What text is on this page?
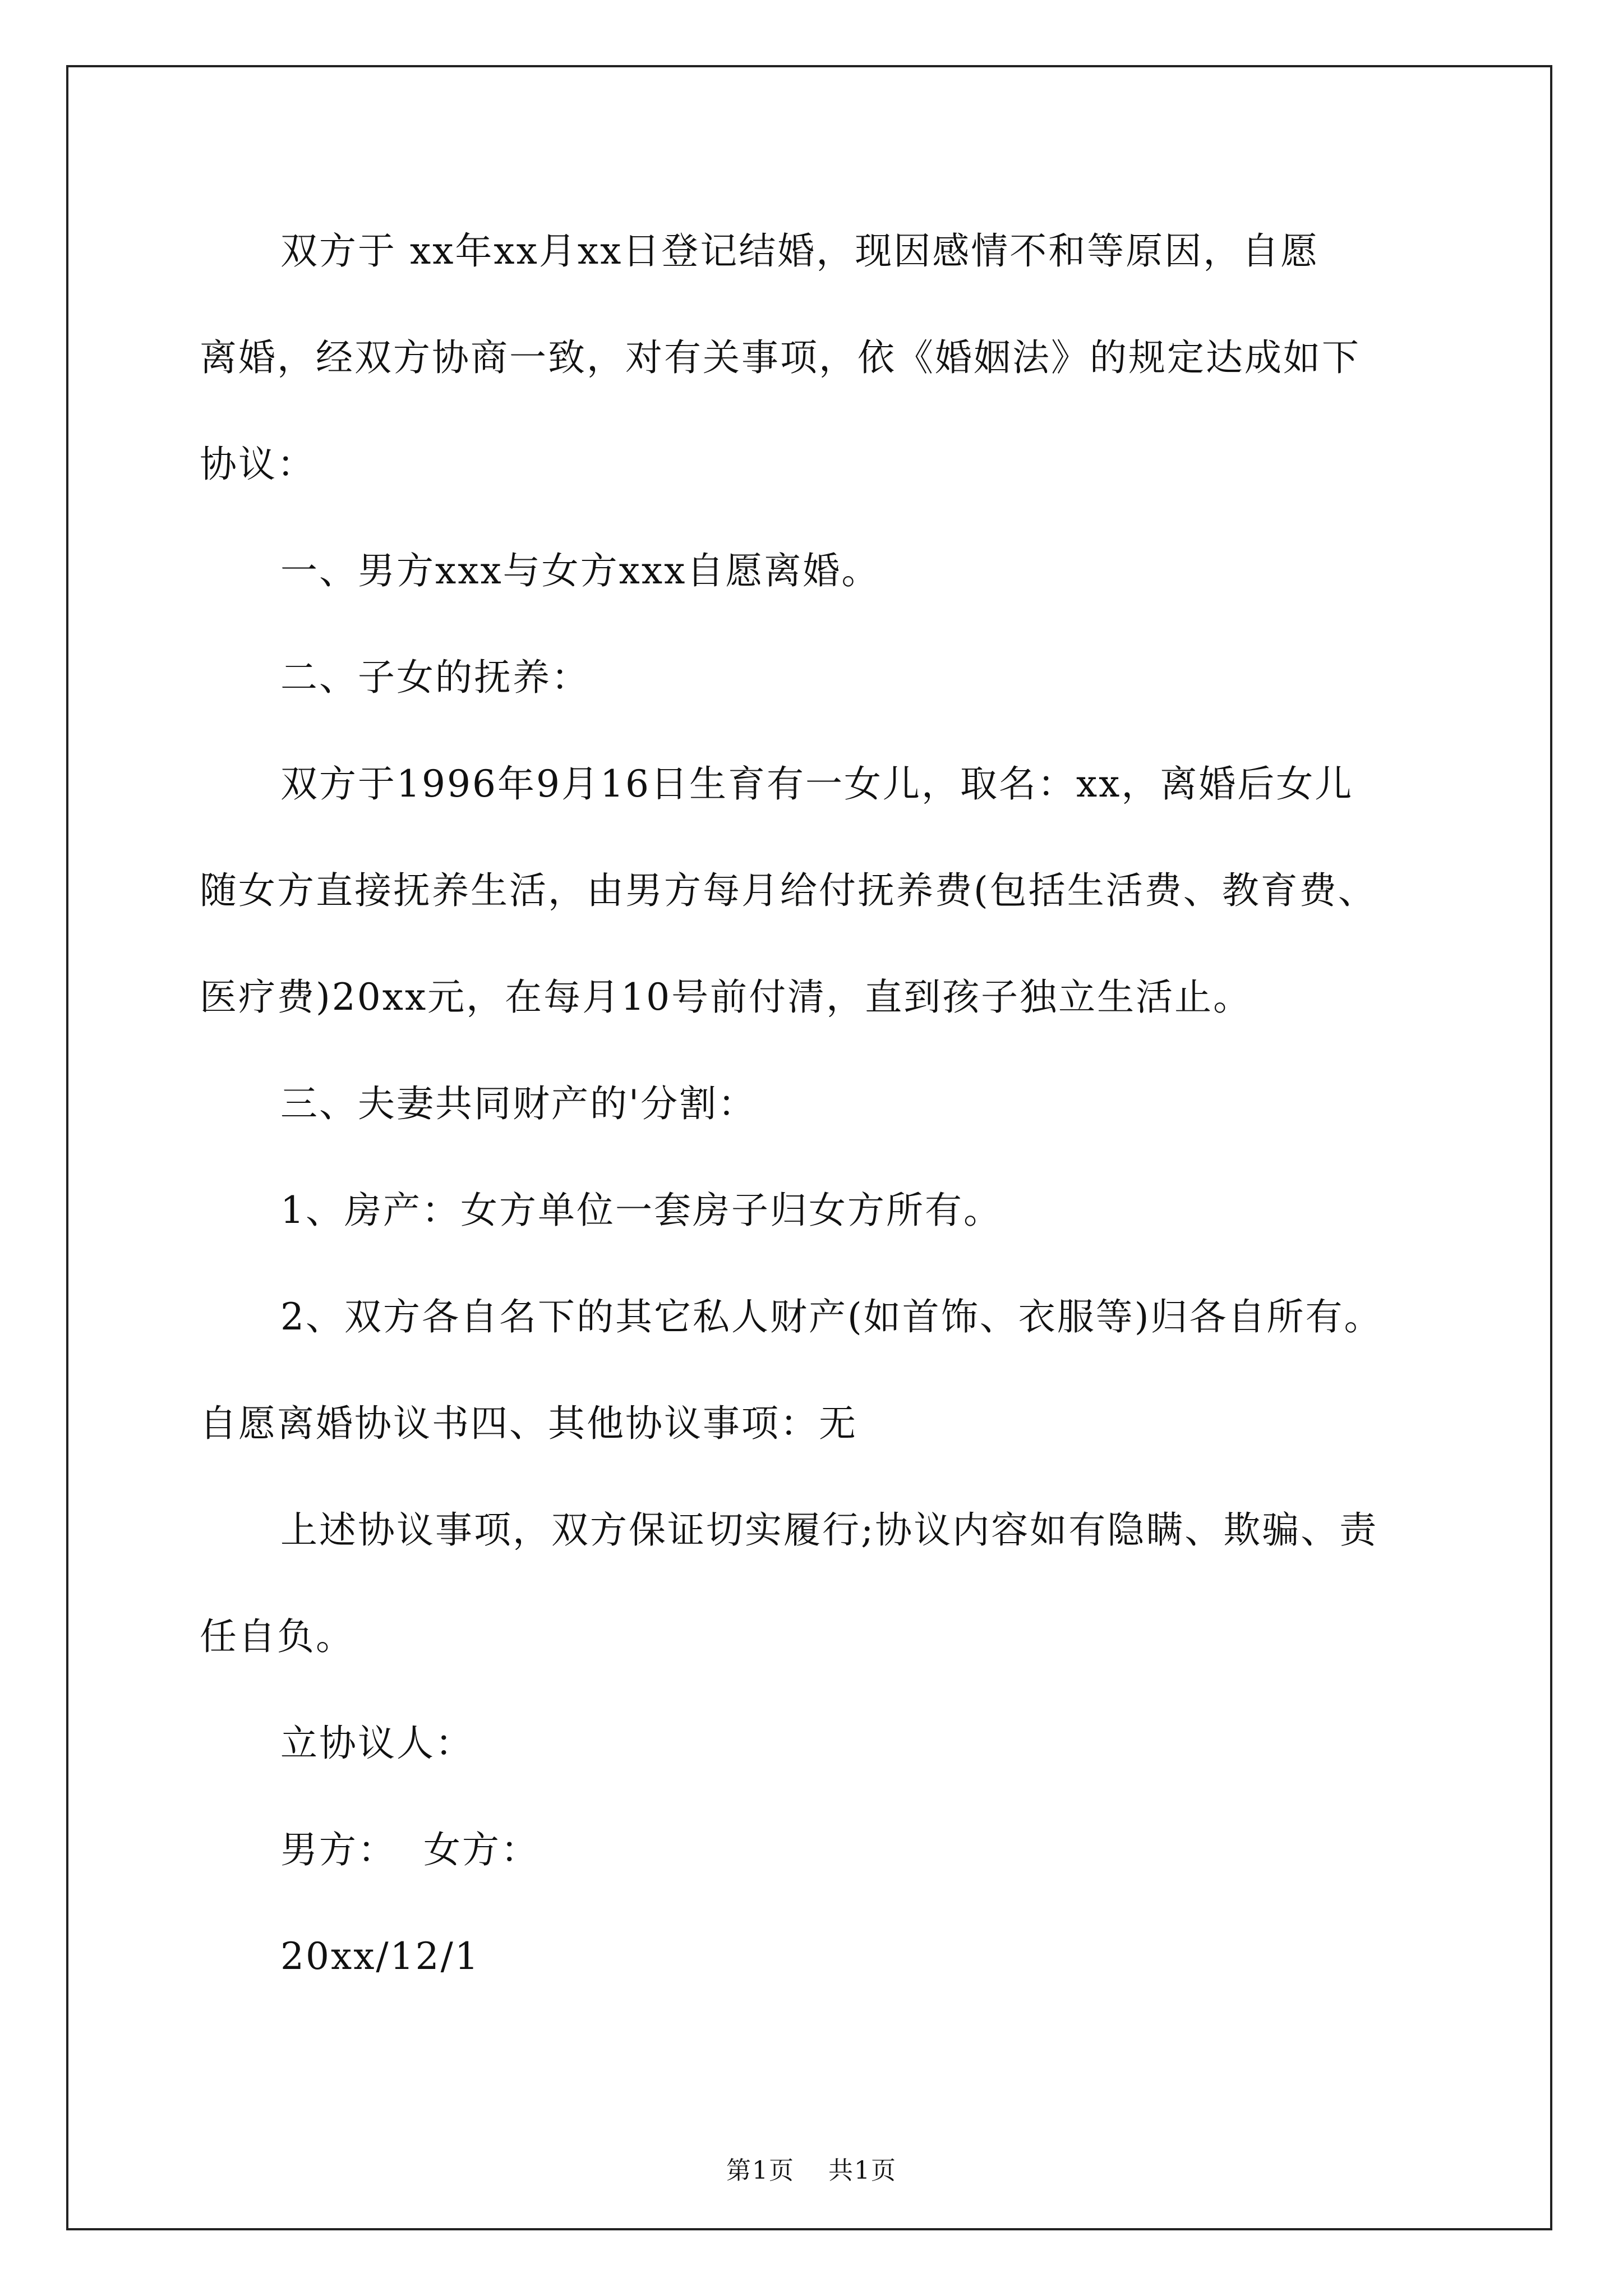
双方于 xx年xx月xx日登记结婚，现因感情不和等原因，自愿
离婚，经双方协商一致，对有关事项，依《婚姻法》的规定达成如下
协议：
一、男方xxx与女方xxx自愿离婚。
二、子女的抚养：
双方于1996年9月16日生育有一女儿，取名：xx，离婚后女儿
随女方直接抚养生活，由男方每月给付抚养费(包括生活费、教育费、
医疗费)20xx元，在每月10号前付清，直到孩子独立生活止。
三、夫妻共同财产的'分割：
1、房产：女方单位一套房子归女方所有。
2、双方各自名下的其它私人财产(如首饰、衣服等)归各自所有。
自愿离婚协议书四、其他协议事项：无
上述协议事项，双方保证切实履行;协议内容如有隐瞒、欺骗、责
任自负。
立协议人：
男方：  女方：
20xx/12/1
第1页 共1页
